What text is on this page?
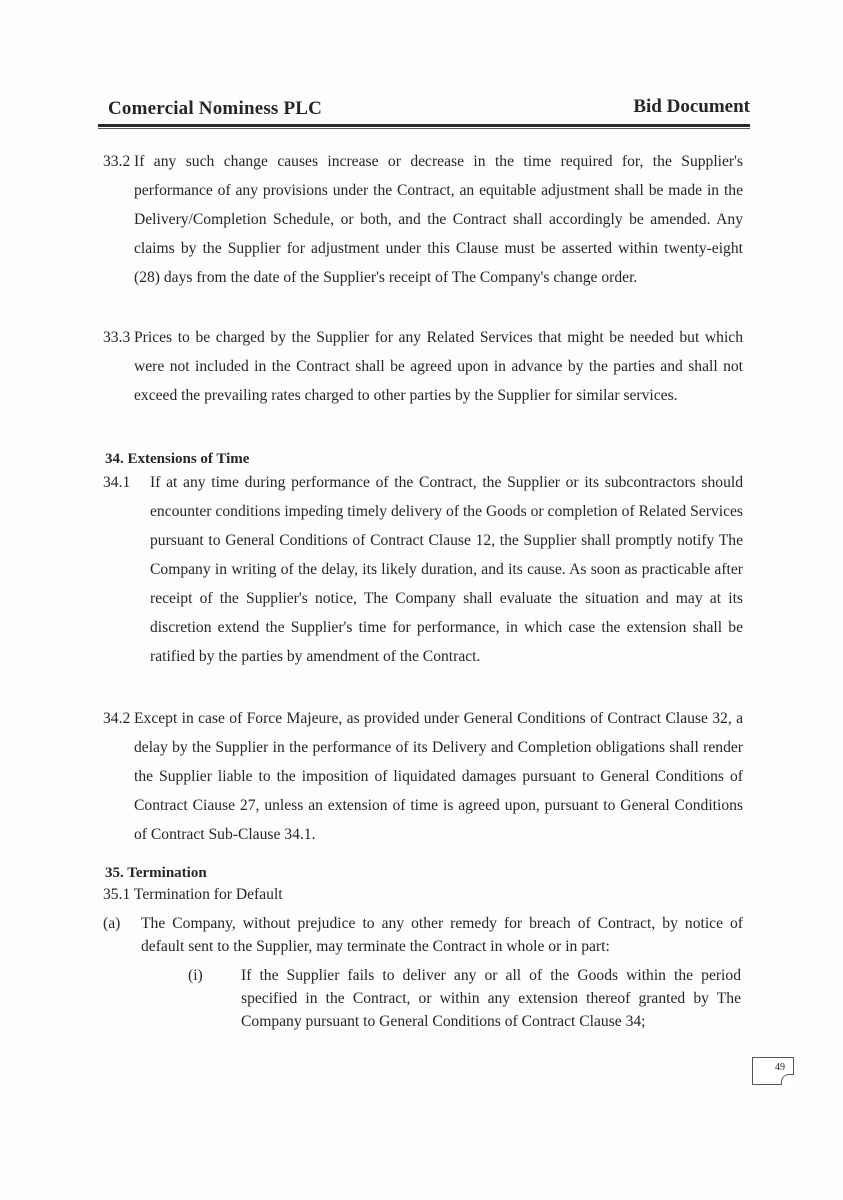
Comercial Nominess PLC	Bid Document
33.2 If any such change causes increase or decrease in the time required for, the Supplier's performance of any provisions under the Contract, an equitable adjustment shall be made in the Delivery/Completion Schedule, or both, and the Contract shall accordingly be amended. Any claims by the Supplier for adjustment under this Clause must be asserted within twenty-eight (28) days from the date of the Supplier's receipt of The Company's change order.
33.3 Prices to be charged by the Supplier for any Related Services that might be needed but which were not included in the Contract shall be agreed upon in advance by the parties and shall not exceed the prevailing rates charged to other parties by the Supplier for similar services.
34. Extensions of Time
34.1 If at any time during performance of the Contract, the Supplier or its subcontractors should encounter conditions impeding timely delivery of the Goods or completion of Related Services pursuant to General Conditions of Contract Clause 12, the Supplier shall promptly notify The Company in writing of the delay, its likely duration, and its cause. As soon as practicable after receipt of the Supplier's notice, The Company shall evaluate the situation and may at its discretion extend the Supplier's time for performance, in which case the extension shall be ratified by the parties by amendment of the Contract.
34.2 Except in case of Force Majeure, as provided under General Conditions of Contract Clause 32, a delay by the Supplier in the performance of its Delivery and Completion obligations shall render the Supplier liable to the imposition of liquidated damages pursuant to General Conditions of Contract Ciause 27, unless an extension of time is agreed upon, pursuant to General Conditions of Contract Sub-Clause 34.1.
35. Termination
35.1 Termination for Default
(a) The Company, without prejudice to any other remedy for breach of Contract, by notice of default sent to the Supplier, may terminate the Contract in whole or in part:
(i) If the Supplier fails to deliver any or all of the Goods within the period specified in the Contract, or within any extension thereof granted by The Company pursuant to General Conditions of Contract Clause 34;
49
